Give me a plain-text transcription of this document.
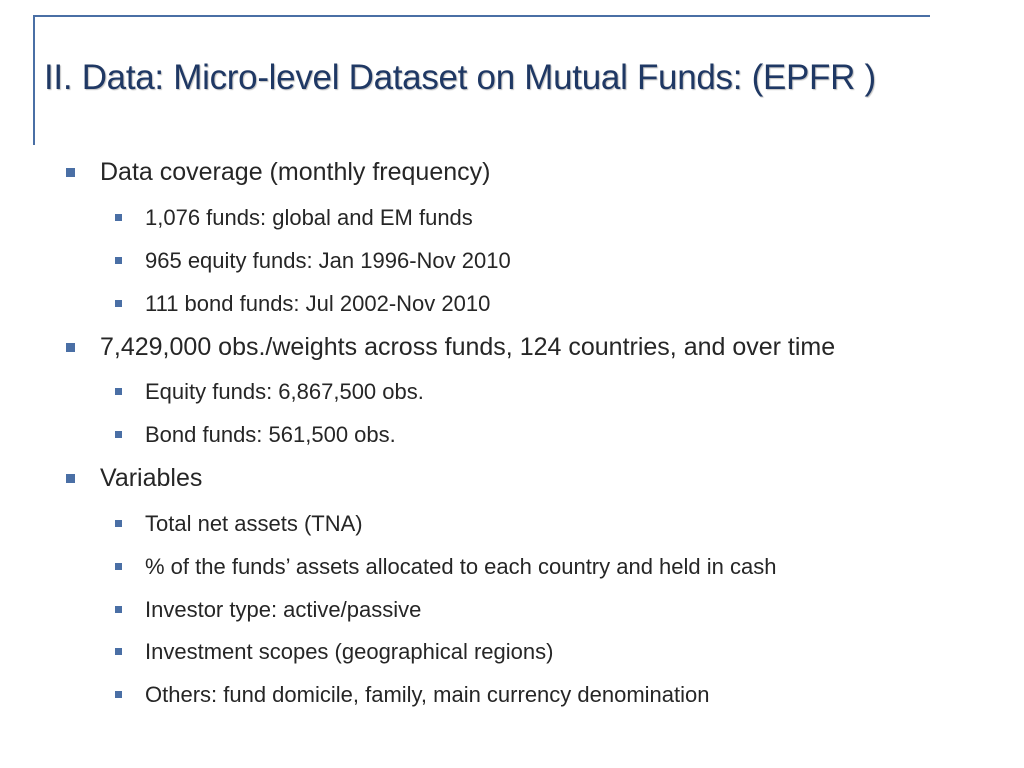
II. Data: Micro-level Dataset on Mutual Funds: (EPFR )
Data coverage (monthly frequency)
1,076 funds: global and EM funds
965 equity funds: Jan 1996-Nov 2010
111 bond funds: Jul 2002-Nov 2010
7,429,000 obs./weights across funds, 124 countries, and over time
Equity funds: 6,867,500 obs.
Bond funds: 561,500 obs.
Variables
Total net assets (TNA)
% of the funds’ assets allocated to each country and held in cash
Investor type: active/passive
Investment scopes (geographical regions)
Others: fund domicile, family, main currency denomination
